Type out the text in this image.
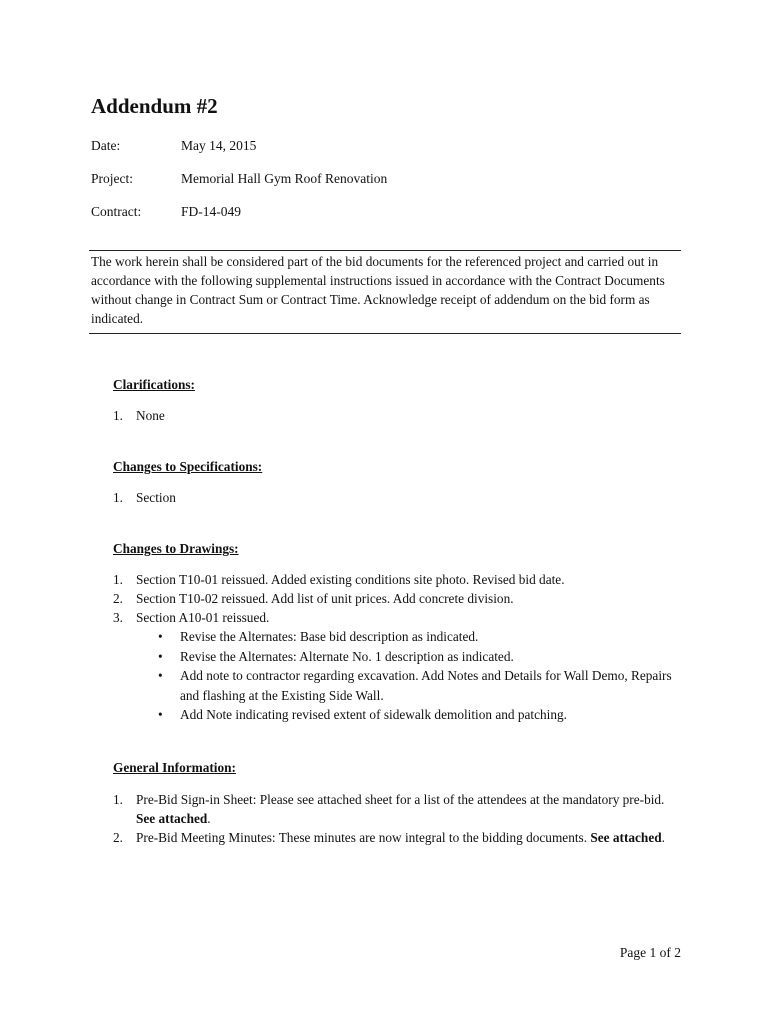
Addendum #2
Date:	May 14, 2015
Project:	Memorial Hall Gym Roof Renovation
Contract:	FD-14-049
The work herein shall be considered part of the bid documents for the referenced project and carried out in accordance with the following supplemental instructions issued in accordance with the Contract Documents without change in Contract Sum or Contract Time. Acknowledge receipt of addendum on the bid form as indicated.

Clarifications:

1. None

Changes to Specifications:

1. Section

Changes to Drawings:

1. Section T10-01 reissued. Added existing conditions site photo. Revised bid date.
2. Section T10-02 reissued. Add list of unit prices. Add concrete division.
3. Section A10-01 reissued.
• Revise the Alternates: Base bid description as indicated.
• Revise the Alternates: Alternate No. 1 description as indicated.
• Add note to contractor regarding excavation. Add Notes and Details for Wall Demo, Repairs and flashing at the Existing Side Wall.
• Add Note indicating revised extent of sidewalk demolition and patching.

General Information:

1. Pre-Bid Sign-in Sheet: Please see attached sheet for a list of the attendees at the mandatory pre-bid. See attached.
2. Pre-Bid Meeting Minutes: These minutes are now integral to the bidding documents. See attached.
Page 1 of 2
